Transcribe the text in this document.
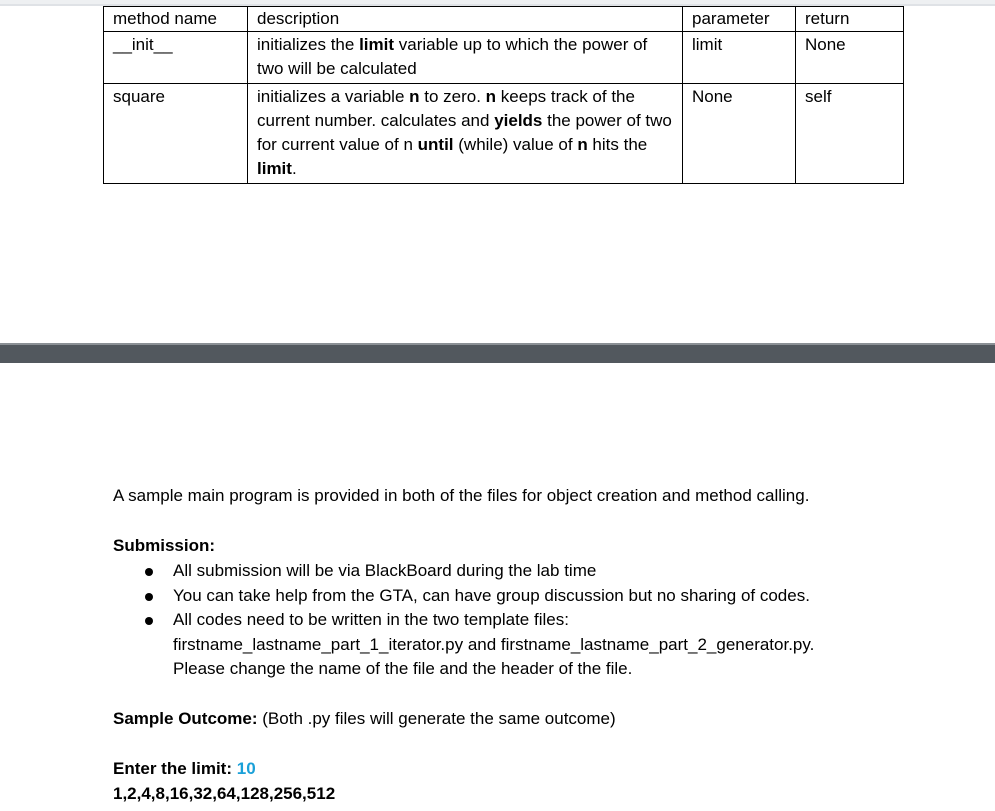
method name	description	parameter	return
__init__	initializes the limit variable up to which the power of two will be calculated	limit	None
square	initializes a variable n to zero. n keeps track of the current number. calculates and yields the power of two for current value of n until (while) value of n hits the limit.	None	self
A sample main program is provided in both of the files for object creation and method calling.
Submission:
All submission will be via BlackBoard during the lab time
You can take help from the GTA, can have group discussion but no sharing of codes.
All codes need to be written in the two template files:
firstname_lastname_part_1_iterator.py and firstname_lastname_part_2_generator.py.
Please change the name of the file and the header of the file.
Sample Outcome: (Both .py files will generate the same outcome)
Enter the limit: 10
1,2,4,8,16,32,64,128,256,512
